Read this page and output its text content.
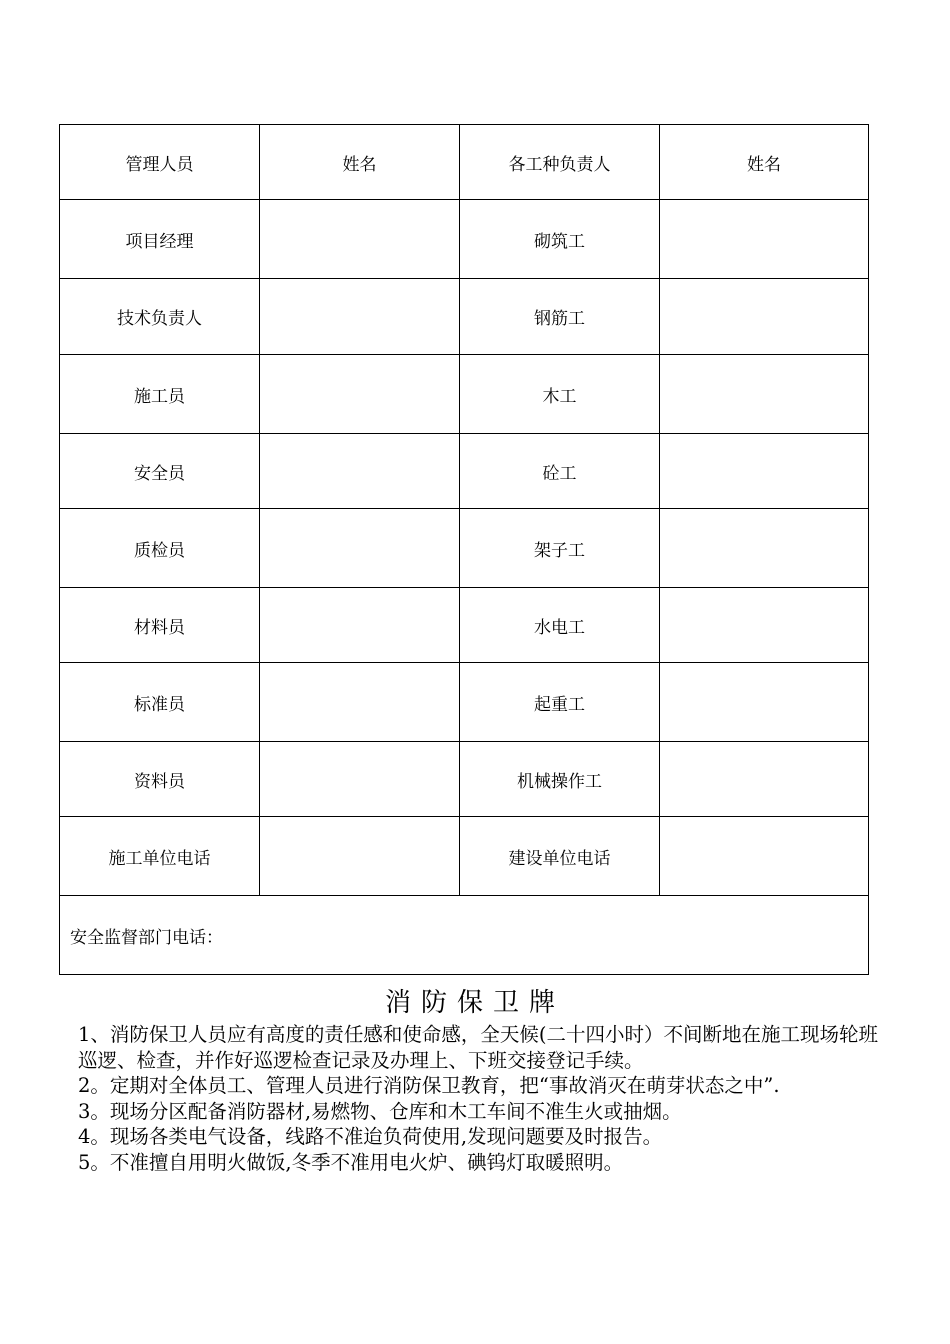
管理人员	姓名	各工种负责人	姓名
项目经理		砌筑工	
技术负责人		钢筋工	
施工员		木工	
安全员		砼工	
质检员		架子工	
材料员		水电工	
标准员		起重工	
资料员		机械操作工	
施工单位电话		建设单位电话	
安全监督部门电话：			
消防保卫牌

1、消防保卫人员应有高度的责任感和使命感，全天候(二十四小时）不间断地在施工现场轮班巡逻、检查，并作好巡逻检查记录及办理上、下班交接登记手续。

2。定期对全体员工、管理人员进行消防保卫教育，把“事故消灭在萌芽状态之中”.

3。现场分区配备消防器材,易燃物、仓库和木工车间不准生火或抽烟。

4。现场各类电气设备，线路不准迨负荷使用,发现问题要及时报告。

5。不准擅自用明火做饭,冬季不准用电火炉、碘钨灯取暖照明。
